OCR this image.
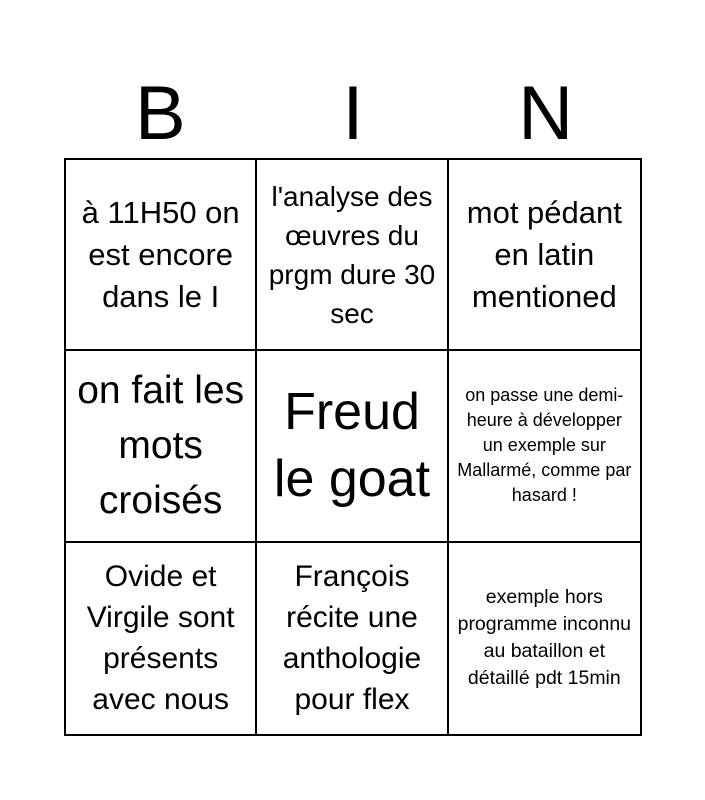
B	I	N
à 11H50 on est encore dans le I
l'analyse des œuvres du prgm dure 30 sec
mot pédant en latin mentioned
on fait les mots croisés
Freud le goat
on passe une demi-heure à développer un exemple sur Mallarmé, comme par hasard !
Ovide et Virgile sont présents avec nous
François récite une anthologie pour flex
exemple hors programme inconnu au bataillon et détaillé pdt 15min
